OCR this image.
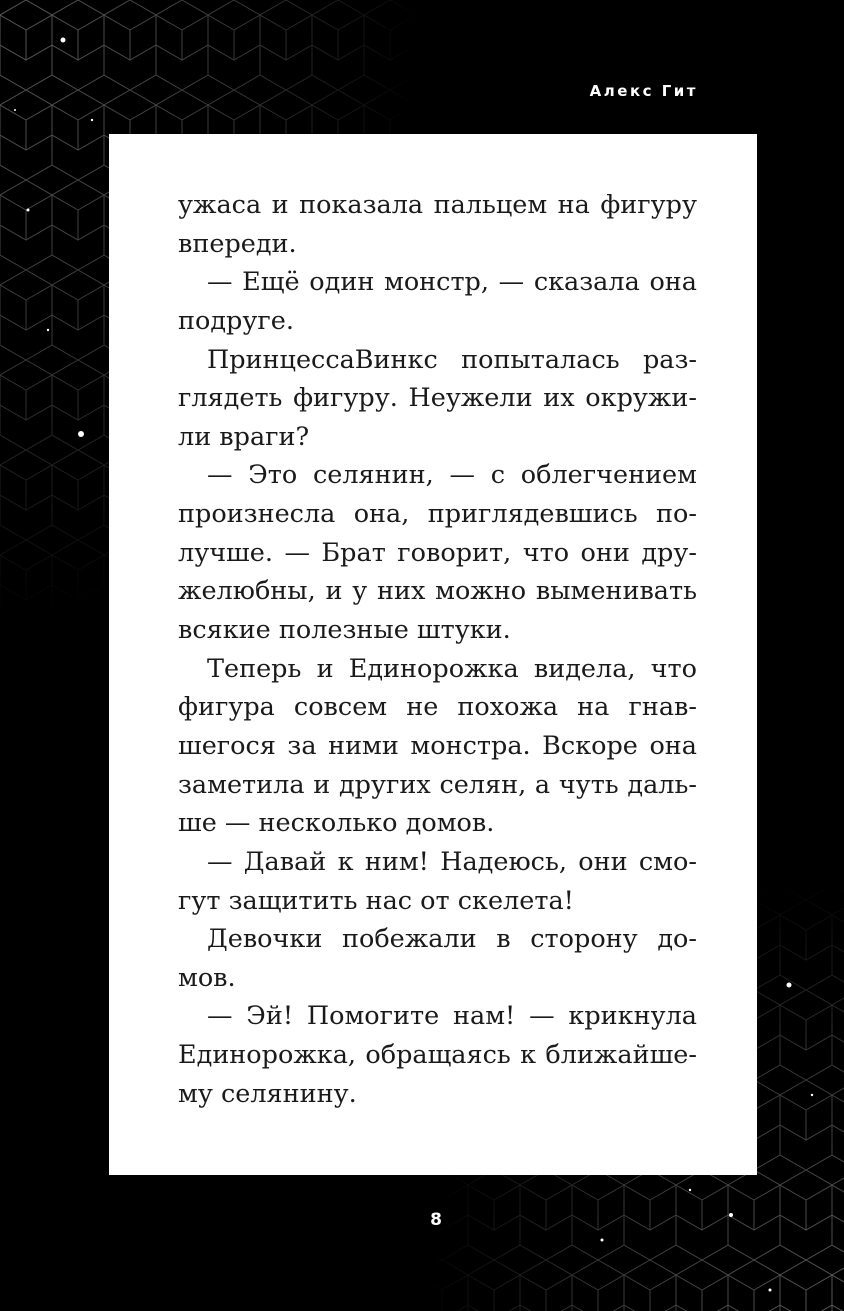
Алекс Гит
ужаса и показала пальцем на фигуру
впереди.
— Ещё один монстр, — сказала она
подруге.
ПринцессаВинкс попыталась раз-
глядеть фигуру. Неужели их окружи-
ли враги?
— Это селянин, — с облегчением
произнесла она, приглядевшись по-
лучше. — Брат говорит, что они дру-
желюбны, и у них можно выменивать
всякие полезные штуки.
Теперь и Единорожка видела, что
фигура совсем не похожа на гнав-
шегося за ними монстра. Вскоре она
заметила и других селян, а чуть даль-
ше — несколько домов.
— Давай к ним! Надеюсь, они смо-
гут защитить нас от скелета!
Девочки побежали в сторону до-
мов.
— Эй! Помогите нам! — крикнула
Единорожка, обращаясь к ближайше-
му селянину.
8
